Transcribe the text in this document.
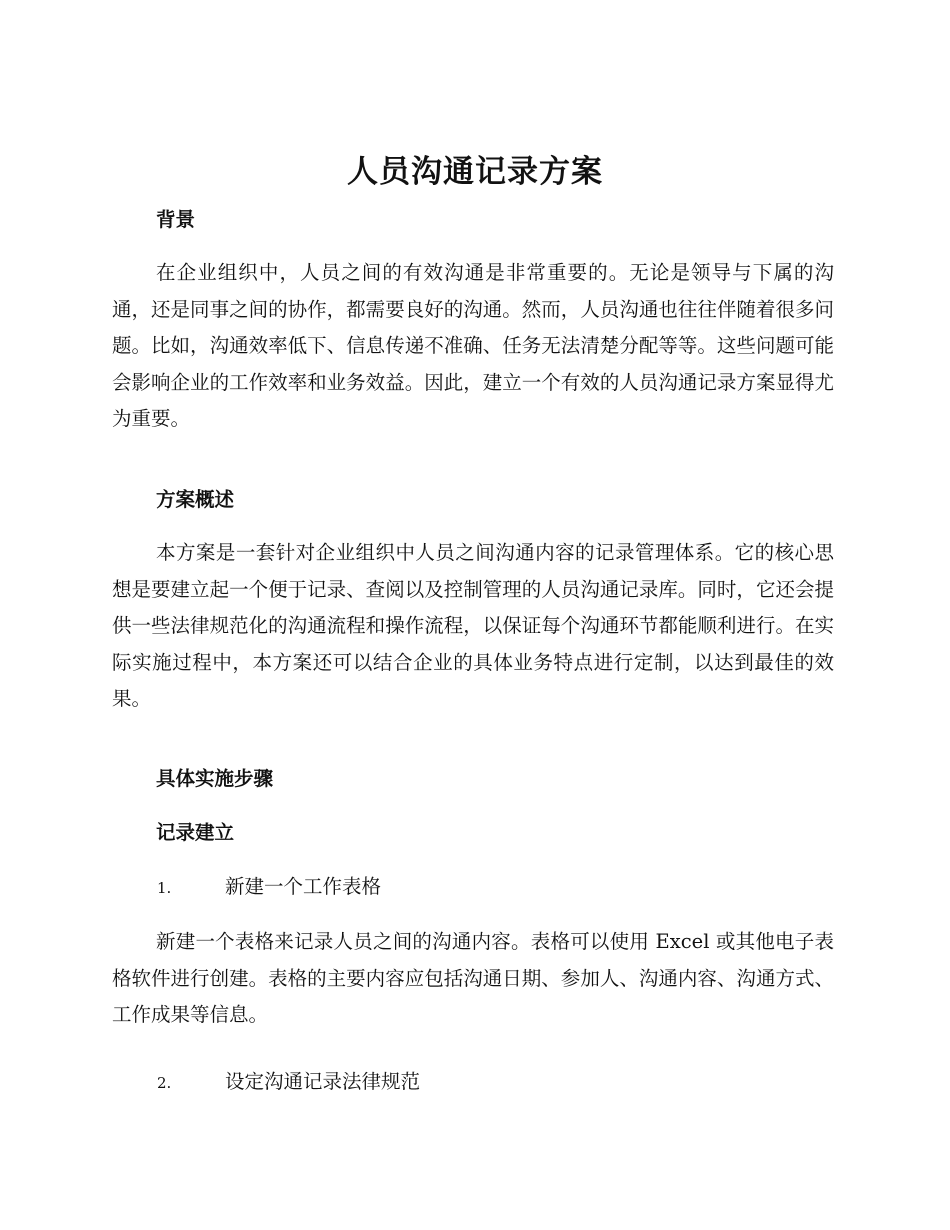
人员沟通记录方案
背景

在企业组织中，人员之间的有效沟通是非常重要的。无论是领导与下属的沟通，还是同事之间的协作，都需要良好的沟通。然而，人员沟通也往往伴随着很多问题。比如，沟通效率低下、信息传递不准确、任务无法清楚分配等等。这些问题可能会影响企业的工作效率和业务效益。因此，建立一个有效的人员沟通记录方案显得尤为重要。

方案概述

本方案是一套针对企业组织中人员之间沟通内容的记录管理体系。它的核心思想是要建立起一个便于记录、查阅以及控制管理的人员沟通记录库。同时，它还会提供一些法律规范化的沟通流程和操作流程，以保证每个沟通环节都能顺利进行。在实际实施过程中，本方案还可以结合企业的具体业务特点进行定制，以达到最佳的效果。

具体实施步骤
记录建立

1.	新建一个工作表格

新建一个表格来记录人员之间的沟通内容。表格可以使用 Excel 或其他电子表格软件进行创建。表格的主要内容应包括沟通日期、参加人、沟通内容、沟通方式、工作成果等信息。

2.	设定沟通记录法律规范
